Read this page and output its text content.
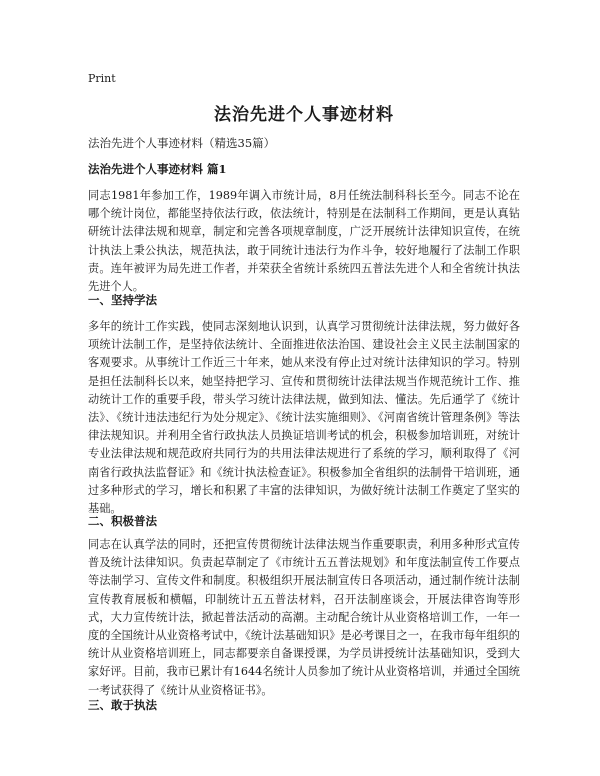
Print
法治先进个人事迹材料
法治先进个人事迹材料（精选35篇）
法治先进个人事迹材料 篇1
同志1981年参加工作，1989年调入市统计局，8月任统法制科科长至今。同志不论在哪个统计岗位，都能坚持依法行政，依法统计，特别是在法制科工作期间，更是认真钻研统计法律法规和规章，制定和完善各项规章制度，广泛开展统计法律知识宣传，在统计执法上秉公执法，规范执法，敢于同统计违法行为作斗争，较好地履行了法制工作职责。连年被评为局先进工作者，并荣获全省统计系统四五普法先进个人和全省统计执法先进个人。
一、坚持学法
多年的统计工作实践，使同志深刻地认识到，认真学习贯彻统计法律法规，努力做好各项统计法制工作，是坚持依法统计、全面推进依法治国、建设社会主义民主法制国家的客观要求。从事统计工作近三十年来，她从来没有停止过对统计法律知识的学习。特别是担任法制科长以来，她坚持把学习、宣传和贯彻统计法律法规当作规范统计工作、推动统计工作的重要手段，带头学习统计法律法规，做到知法、懂法。先后通学了《统计法》、《统计违法违纪行为处分规定》、《统计法实施细则》、《河南省统计管理条例》等法律法规知识。并利用全省行政执法人员换证培训考试的机会，积极参加培训班，对统计专业法律法规和规范政府共同行为的共用法律法规进行了系统的学习，顺利取得了《河南省行政执法监督证》和《统计执法检查证》。积极参加全省组织的法制骨干培训班，通过多种形式的学习，增长和积累了丰富的法律知识，为做好统计法制工作奠定了坚实的基础。
二、积极普法
同志在认真学法的同时，还把宣传贯彻统计法律法规当作重要职责，利用多种形式宣传普及统计法律知识。负责起草制定了《市统计五五普法规划》和年度法制宣传工作要点等法制学习、宣传文件和制度。积极组织开展法制宣传日各项活动，通过制作统计法制宣传教育展板和横幅，印制统计五五普法材料，召开法制座谈会，开展法律咨询等形式，大力宣传统计法，掀起普法活动的高潮。主动配合统计从业资格培训工作，一年一度的全国统计从业资格考试中，《统计法基础知识》是必考课目之一，在我市每年组织的统计从业资格培训班上，同志都要亲自备课授课，为学员讲授统计法基础知识，受到大家好评。目前，我市已累计有1644名统计人员参加了统计从业资格培训，并通过全国统一考试获得了《统计从业资格证书》。
三、敢于执法
